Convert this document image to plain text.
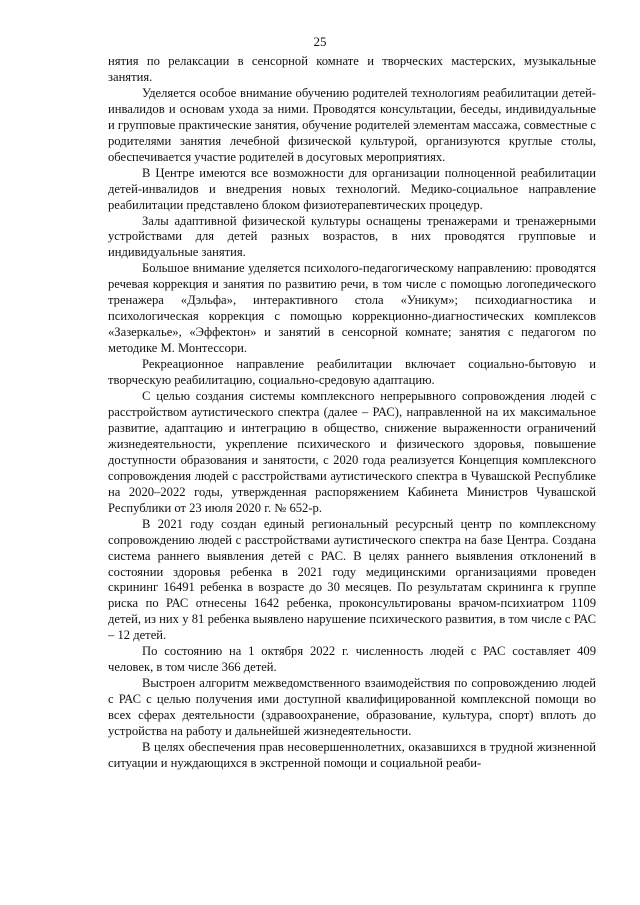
25

нятия по релаксации в сенсорной комнате и творческих мастерских, музыкальные занятия.

Уделяется особое внимание обучению родителей технологиям реабилитации детей-инвалидов и основам ухода за ними. Проводятся консультации, беседы, индивидуальные и групповые практические занятия, обучение родителей элементам массажа, совместные с родителями занятия лечебной физической культурой, организуются круглые столы, обеспечивается участие родителей в досуговых мероприятиях.

В Центре имеются все возможности для организации полноценной реабилитации детей-инвалидов и внедрения новых технологий. Медико-социальное направление реабилитации представлено блоком физиотерапевтических процедур.

Залы адаптивной физической культуры оснащены тренажерами и тренажерными устройствами для детей разных возрастов, в них проводятся групповые и индивидуальные занятия.

Большое внимание уделяется психолого-педагогическому направлению: проводятся речевая коррекция и занятия по развитию речи, в том числе с помощью логопедического тренажера «Дэльфа», интерактивного стола «Уникум»; психодиагностика и психологическая коррекция с помощью коррекционно-диагностических комплексов «Зазеркалье», «Эффектон» и занятий в сенсорной комнате; занятия с педагогом по методике М. Монтессори.

Рекреационное направление реабилитации включает социально-бытовую и творческую реабилитацию, социально-средовую адаптацию.

С целью создания системы комплексного непрерывного сопровождения людей с расстройством аутистического спектра (далее – РАС), направленной на их максимальное развитие, адаптацию и интеграцию в общество, снижение выраженности ограничений жизнедеятельности, укрепление психического и физического здоровья, повышение доступности образования и занятости, с 2020 года реализуется Концепция комплексного сопровождения людей с расстройствами аутистического спектра в Чувашской Республике на 2020–2022 годы, утвержденная распоряжением Кабинета Министров Чувашской Республики от 23 июля 2020 г. № 652-р.

В 2021 году создан единый региональный ресурсный центр по комплексному сопровождению людей с расстройствами аутистического спектра на базе Центра. Создана система раннего выявления детей с РАС. В целях раннего выявления отклонений в состоянии здоровья ребенка в 2021 году медицинскими организациями проведен скрининг 16491 ребенка в возрасте до 30 месяцев. По результатам скрининга к группе риска по РАС отнесены 1642 ребенка, проконсультированы врачом-психиатром 1109 детей, из них у 81 ребенка выявлено нарушение психического развития, в том числе с РАС – 12 детей.

По состоянию на 1 октября 2022 г. численность людей с РАС составляет 409 человек, в том числе 366 детей.

Выстроен алгоритм межведомственного взаимодействия по сопровождению людей с РАС с целью получения ими доступной квалифицированной комплексной помощи во всех сферах деятельности (здравоохранение, образование, культура, спорт) вплоть до устройства на работу и дальнейшей жизнедеятельности.

В целях обеспечения прав несовершеннолетних, оказавшихся в трудной жизненной ситуации и нуждающихся в экстренной помощи и социальной реаби-
